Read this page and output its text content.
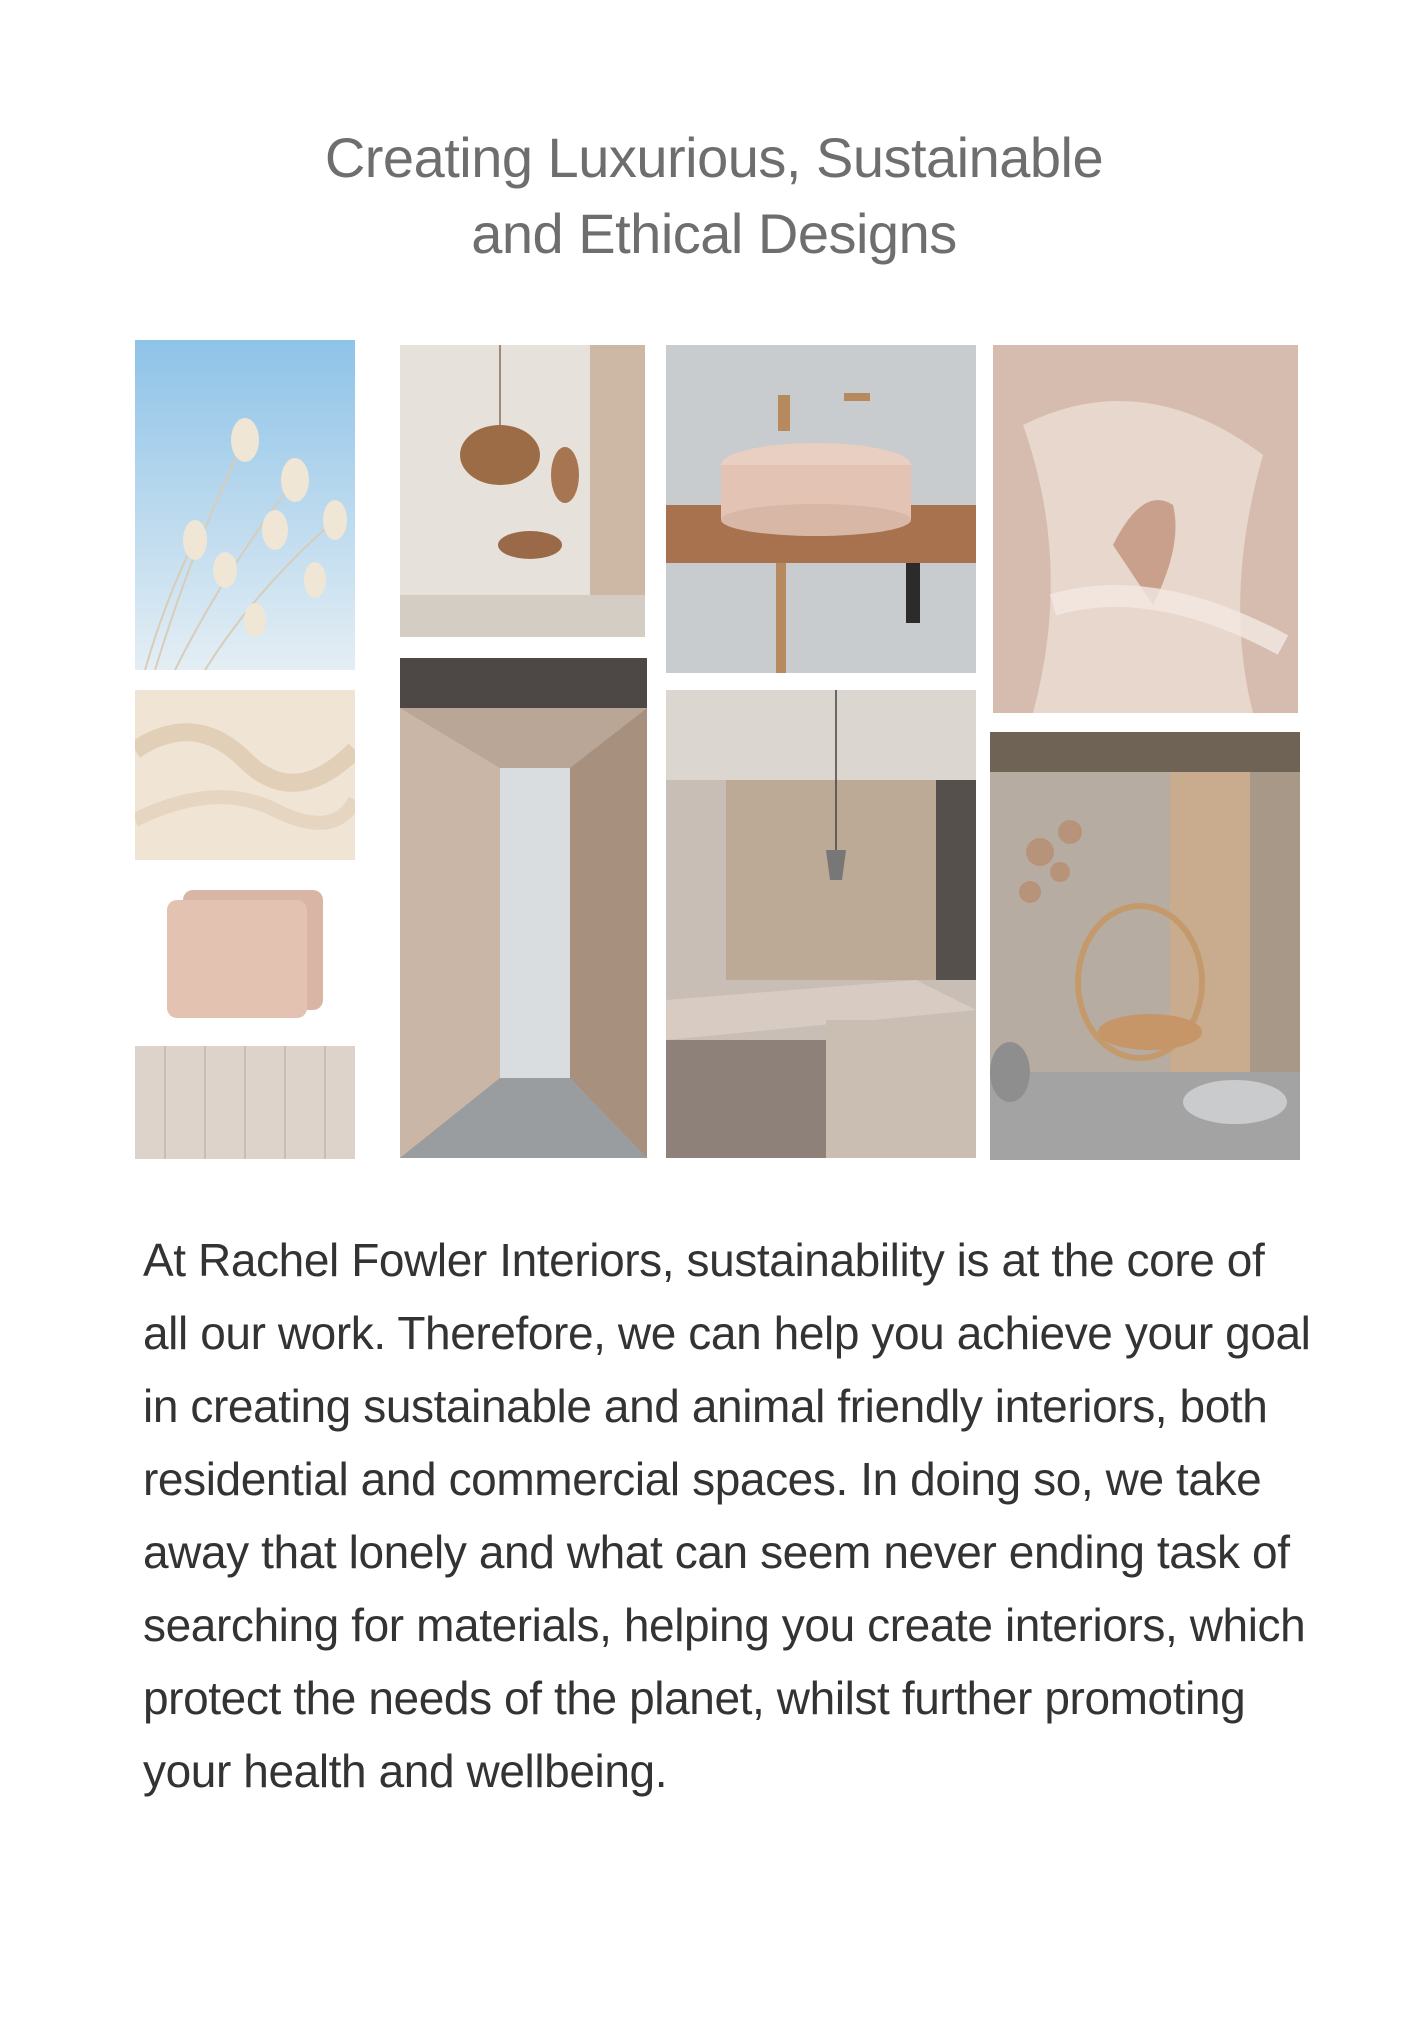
Creating Luxurious, Sustainable
and Ethical Designs

At Rachel Fowler Interiors, sustainability is at the core of all our work. Therefore, we can help you achieve your goal in creating sustainable and animal friendly interiors, both residential and commercial spaces. In doing so, we take away that lonely and what can seem never ending task of searching for materials, helping you create interiors, which protect the needs of the planet, whilst further promoting your health and wellbeing.
